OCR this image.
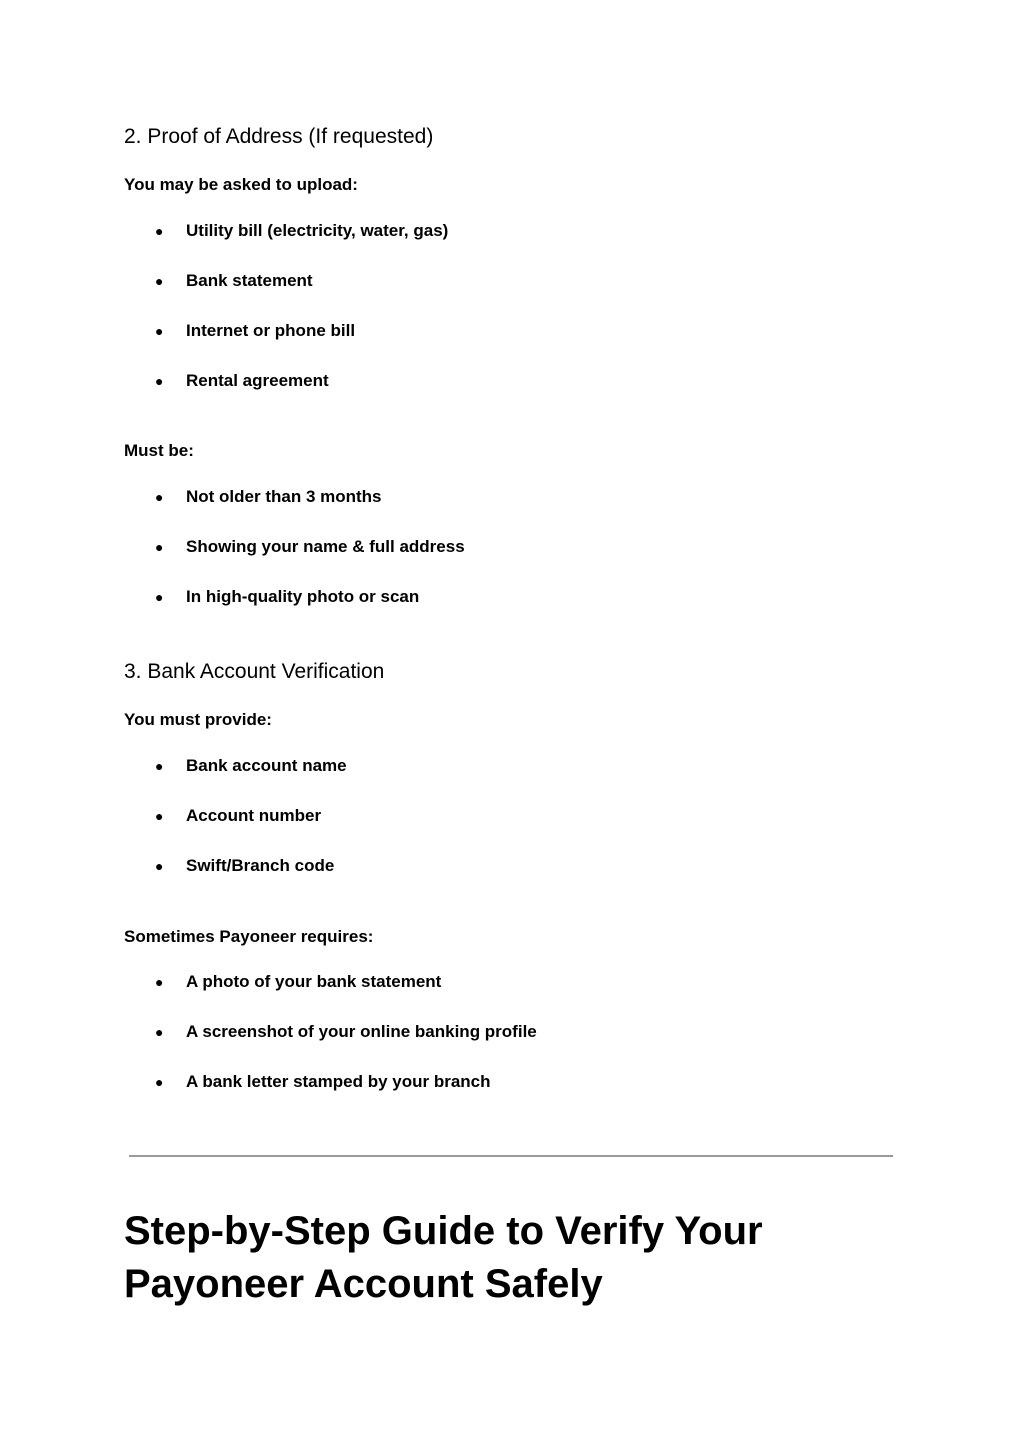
2. Proof of Address (If requested)
You may be asked to upload:
● Utility bill (electricity, water, gas)
● Bank statement
● Internet or phone bill
● Rental agreement
Must be:
● Not older than 3 months
● Showing your name & full address
● In high-quality photo or scan
3. Bank Account Verification
You must provide:
● Bank account name
● Account number
● Swift/Branch code
Sometimes Payoneer requires:
● A photo of your bank statement
● A screenshot of your online banking profile
● A bank letter stamped by your branch
Step-by-Step Guide to Verify Your
Payoneer Account Safely
